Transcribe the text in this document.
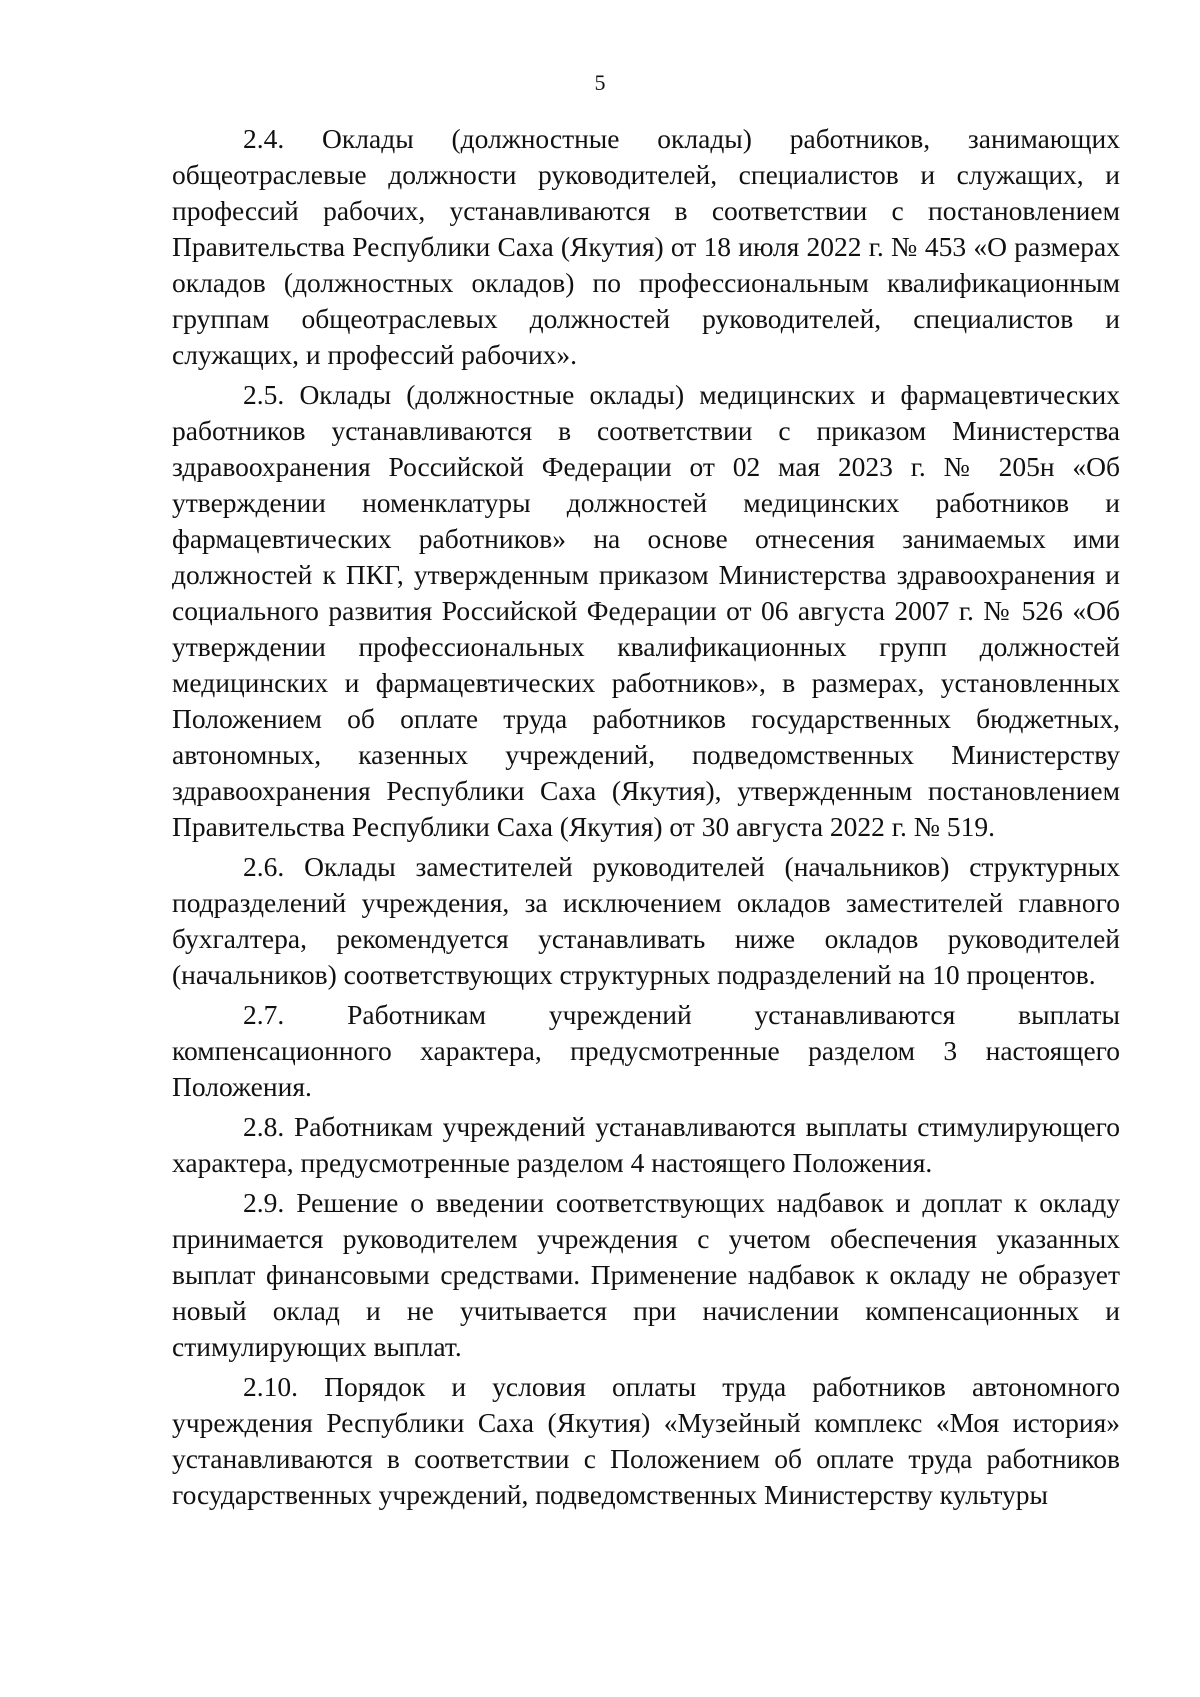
5

2.4. Оклады (должностные оклады) работников, занимающих общеотраслевые должности руководителей, специалистов и служащих, и профессий рабочих, устанавливаются в соответствии с постановлением Правительства Республики Саха (Якутия) от 18 июля 2022 г. № 453 «О размерах окладов (должностных окладов) по профессиональным квалификационным группам общеотраслевых должностей руководителей, специалистов и служащих, и профессий рабочих».

2.5. Оклады (должностные оклады) медицинских и фармацевтических работников устанавливаются в соответствии с приказом Министерства здравоохранения Российской Федерации от 02 мая 2023 г. № 205н «Об утверждении номенклатуры должностей медицинских работников и фармацевтических работников» на основе отнесения занимаемых ими должностей к ПКГ, утвержденным приказом Министерства здравоохранения и социального развития Российской Федерации от 06 августа 2007 г. № 526 «Об утверждении профессиональных квалификационных групп должностей медицинских и фармацевтических работников», в размерах, установленных Положением об оплате труда работников государственных бюджетных, автономных, казенных учреждений, подведомственных Министерству здравоохранения Республики Саха (Якутия), утвержденным постановлением Правительства Республики Саха (Якутия) от 30 августа 2022 г. № 519.

2.6. Оклады заместителей руководителей (начальников) структурных подразделений учреждения, за исключением окладов заместителей главного бухгалтера, рекомендуется устанавливать ниже окладов руководителей (начальников) соответствующих структурных подразделений на 10 процентов.

2.7. Работникам учреждений устанавливаются выплаты компенсационного характера, предусмотренные разделом 3 настоящего Положения.

2.8. Работникам учреждений устанавливаются выплаты стимулирующего характера, предусмотренные разделом 4 настоящего Положения.

2.9. Решение о введении соответствующих надбавок и доплат к окладу принимается руководителем учреждения с учетом обеспечения указанных выплат финансовыми средствами. Применение надбавок к окладу не образует новый оклад и не учитывается при начислении компенсационных и стимулирующих выплат.

2.10. Порядок и условия оплаты труда работников автономного учреждения Республики Саха (Якутия) «Музейный комплекс «Моя история» устанавливаются в соответствии с Положением об оплате труда работников государственных учреждений, подведомственных Министерству культуры
